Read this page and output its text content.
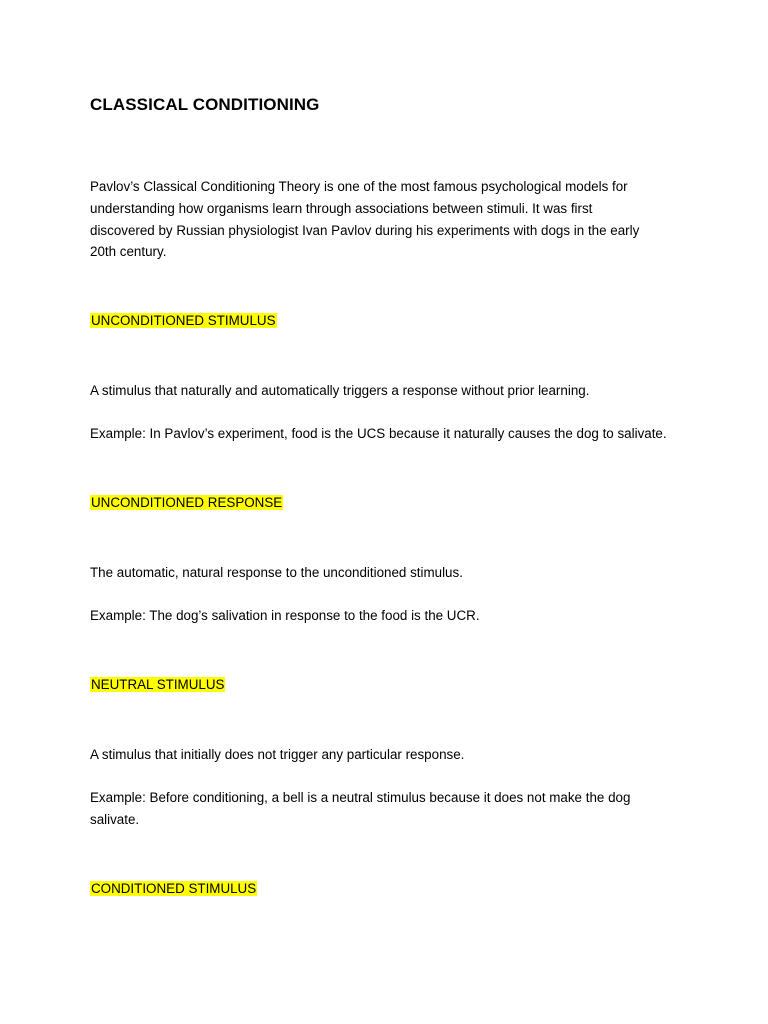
CLASSICAL CONDITIONING

Pavlov’s Classical Conditioning Theory is one of the most famous psychological models for understanding how organisms learn through associations between stimuli. It was first discovered by Russian physiologist Ivan Pavlov during his experiments with dogs in the early 20th century.

UNCONDITIONED STIMULUS

A stimulus that naturally and automatically triggers a response without prior learning.

Example: In Pavlov’s experiment, food is the UCS because it naturally causes the dog to salivate.

UNCONDITIONED RESPONSE

The automatic, natural response to the unconditioned stimulus.

Example: The dog’s salivation in response to the food is the UCR.

NEUTRAL STIMULUS

A stimulus that initially does not trigger any particular response.

Example: Before conditioning, a bell is a neutral stimulus because it does not make the dog salivate.

CONDITIONED STIMULUS
